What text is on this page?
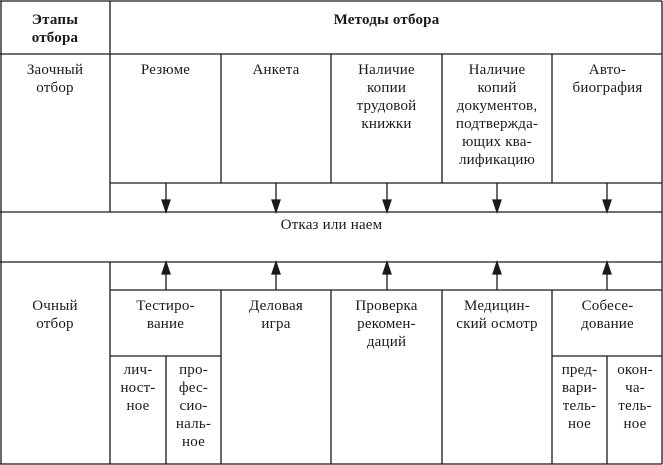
Этапы
отбора
Методы отбора
Заочный
отбор
Резюме	Анкета	Наличие
копии
трудовой
книжки
Наличие
копий
документов,
подтвержда-
ющих ква-
лификацию
Авто-
биография
Отказ или наем
Очный
отбор
Тестиро-
вание
Деловая
игра
Проверка
рекомен-
даций
Медицин-
ский осмотр
Собесе-
дование
лич-
ност-
ное
про-
фес-
сио-
наль-
ное
пред-
вари-
тель-
ное
окон-
ча-
тель-
ное
